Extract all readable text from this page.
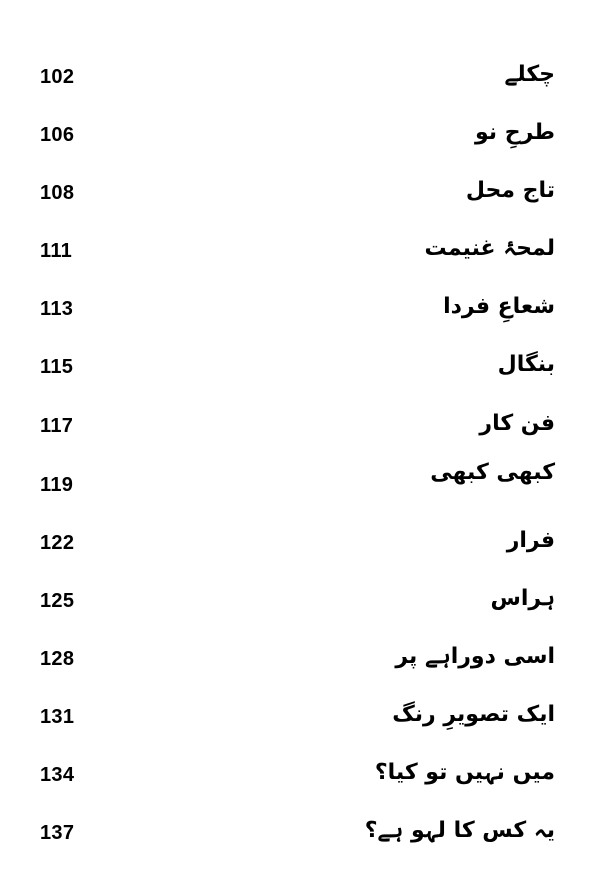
چکلے
102
طرحِ نو
106
تاج محل
108
لمحۂ غنیمت
111
شعاعِ فردا
113
بنگال
115
فن کار
117
کبھی کبھی
119
فرار
122
ہراس
125
اسی دوراہے پر
128
ایک تصویرِ رنگ
131
میں نہیں تو کیا؟
134
یہ کس کا لہو ہے؟
137
